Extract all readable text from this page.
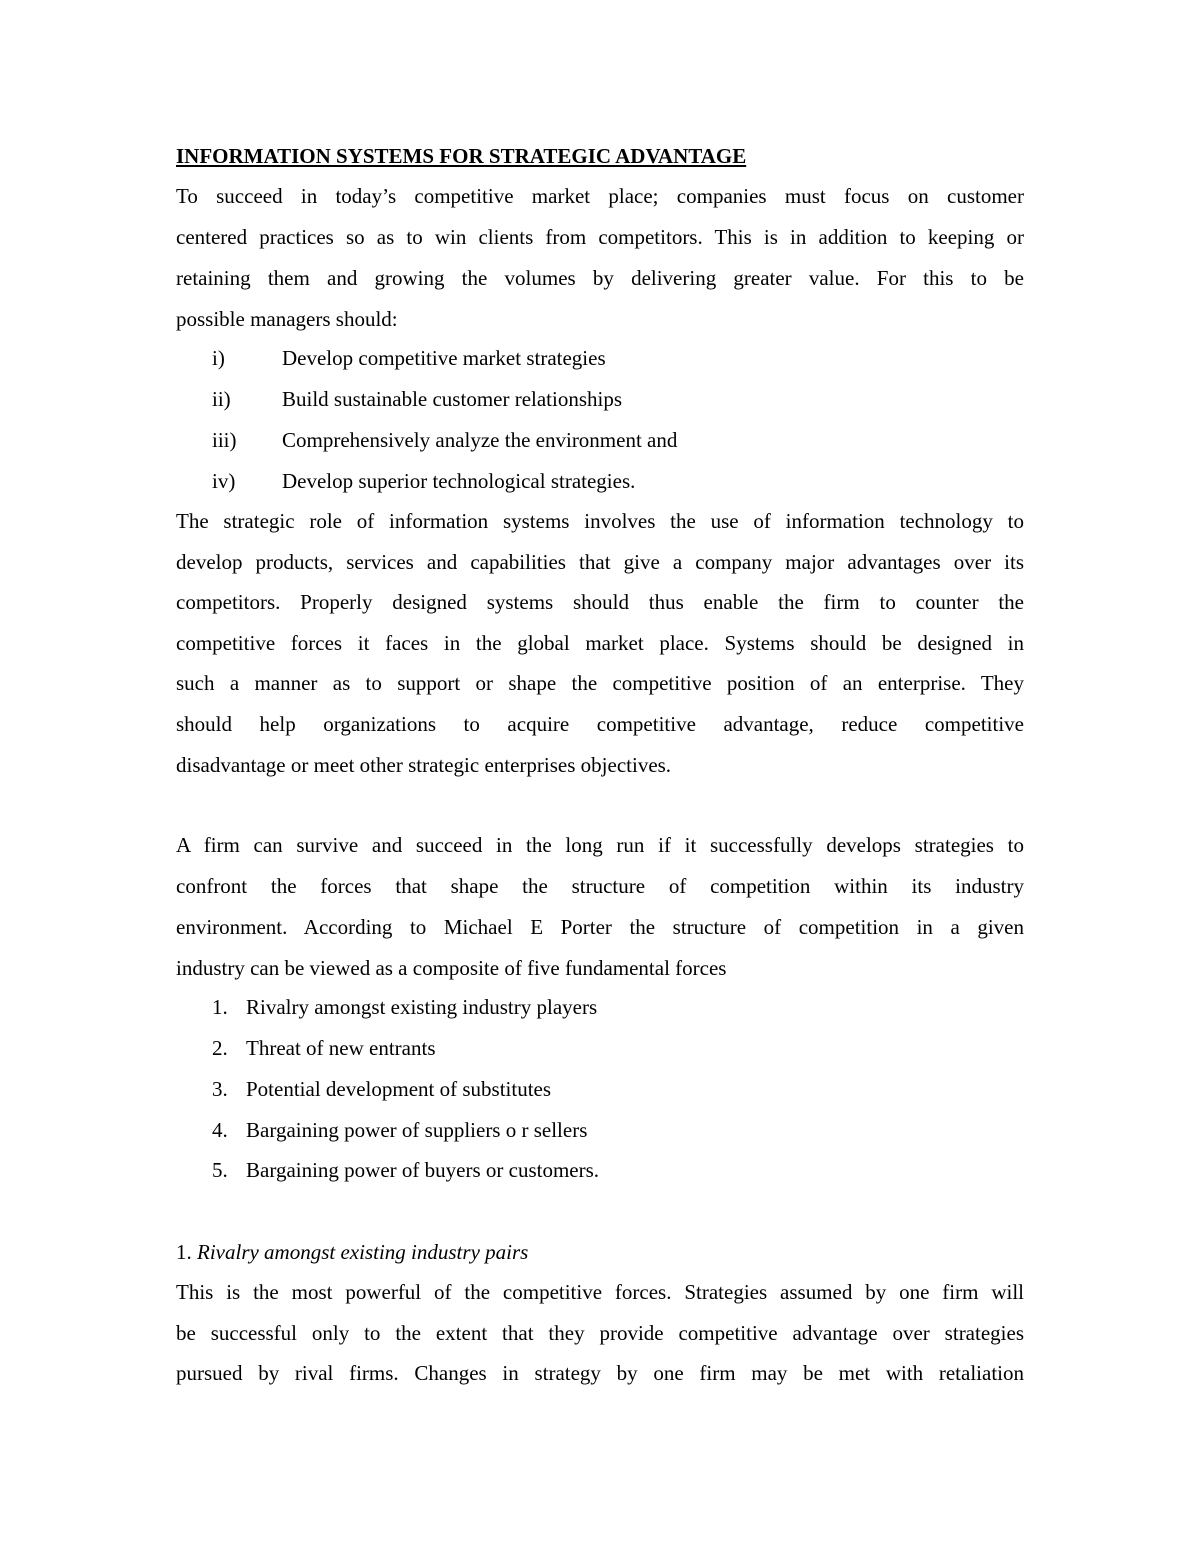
INFORMATION SYSTEMS FOR STRATEGIC ADVANTAGE
To succeed in today’s competitive market place; companies must focus on customer
centered practices so as to win clients from competitors. This is in addition to keeping or
retaining them and growing the volumes by delivering greater value. For this to be
possible managers should:
i)	Develop competitive market strategies
ii) Build sustainable customer relationships
iii) Comprehensively analyze the environment and
iv) Develop superior technological strategies.
The strategic role of information systems involves the use of information technology to
develop products, services and capabilities that give a company major advantages over its
competitors. Properly designed systems should thus enable the firm to counter the
competitive forces it faces in the global market place. Systems should be designed in
such a manner as to support or shape the competitive position of an enterprise. They
should help organizations to acquire competitive advantage, reduce competitive
disadvantage or meet other strategic enterprises objectives.
A firm can survive and succeed in the long run if it successfully develops strategies to
confront the forces that shape the structure of competition within its industry
environment. According to Michael E Porter the structure of competition in a given
industry can be viewed as a composite of five fundamental forces
1. Rivalry amongst existing industry players
2. Threat of new entrants
3. Potential development of substitutes
4. Bargaining power of suppliers o r sellers
5. Bargaining power of buyers or customers.
1. Rivalry amongst existing industry pairs
This is the most powerful of the competitive forces. Strategies assumed by one firm will
be successful only to the extent that they provide competitive advantage over strategies
pursued by rival firms. Changes in strategy by one firm may be met with retaliation
